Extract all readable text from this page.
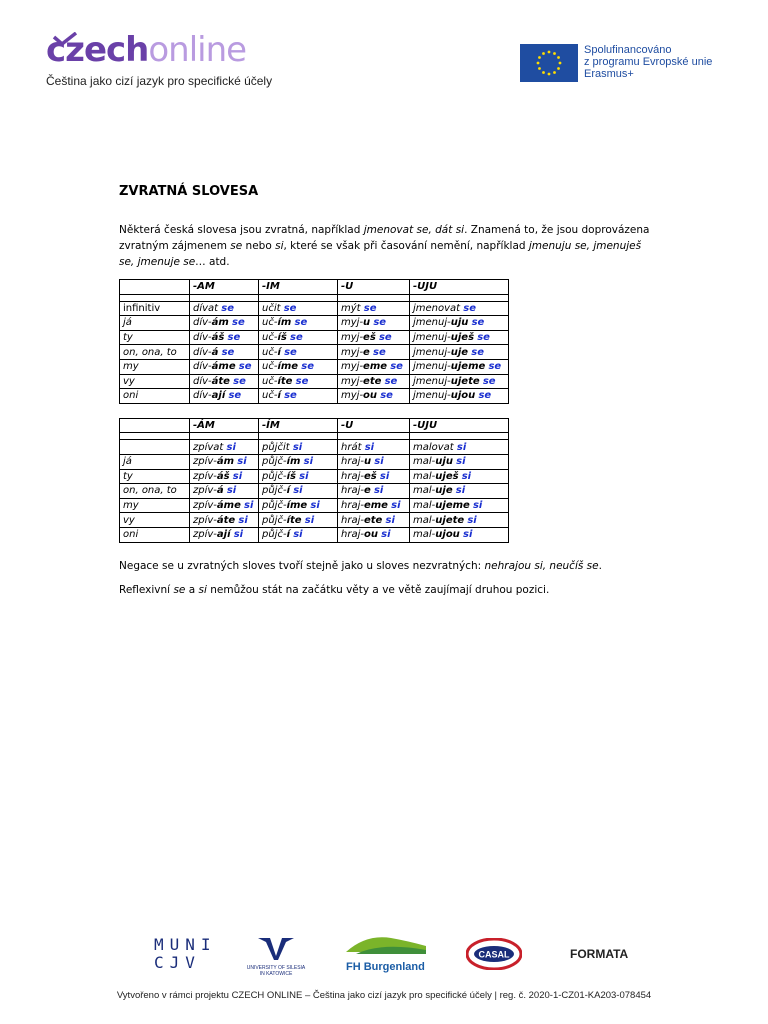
czechonline
Čeština jako cizí jazyk pro specifické účely
Spolufinancováno
z programu Evropské unie
Erasmus+
ZVRATNÁ SLOVESA

Některá česká slovesa jsou zvratná, například jmenovat se, dát si. Znamená to, že jsou doprovázena zvratným zájmenem se nebo si, které se však při časování nemění, například jmenuju se, jmenuješ se, jmenuje se… atd.

	-AM	-IM	-U	-UJU

infinitiv	dívat se	učit se	mýt se	jmenovat se
já	dív-ám se	uč-ím se	myj-u se	jmenuj-uju se
ty	dív-áš se	uč-íš se	myj-eš se	jmenuj-uješ se
on, ona, to	dív-á se	uč-í se	myj-e se	jmenuj-uje se
my	dív-áme se	uč-íme se	myj-eme se	jmenuj-ujeme se
vy	dív-áte se	uč-íte se	myj-ete se	jmenuj-ujete se
oni	dív-ají se	uč-í se	myj-ou se	jmenuj-ujou se
	-ÁM	-ÍM	-U	-UJU

	zpívat si	půjčit si	hrát si	malovat si
já	zpív-ám si	půjč-ím si	hraj-u si	mal-uju si
ty	zpív-áš si	půjč-íš si	hraj-eš si	mal-uješ si
on, ona, to	zpív-á si	půjč-í si	hraj-e si	mal-uje si
my	zpív-áme si	půjč-íme si	hraj-eme si	mal-ujeme si
vy	zpív-áte si	půjč-íte si	hraj-ete si	mal-ujete si
oni	zpív-ají si	půjč-í si	hraj-ou si	mal-ujou si

Negace se u zvratných sloves tvoří stejně jako u sloves nezvratných: nehrajou si, neučíš se.

Reflexivní se a si nemůžou stát na začátku věty a ve větě zaujímají druhou pozici.

MUNI
CJV	UNIVERSITY OF SILESIA IN KATOWICE
FH Burgenland
CASAL	FORMATA
Vytvořeno v rámci projektu CZECH ONLINE – Čeština jako cizí jazyk pro specifické účely | reg. č. 2020-1-CZ01-KA203-078454
